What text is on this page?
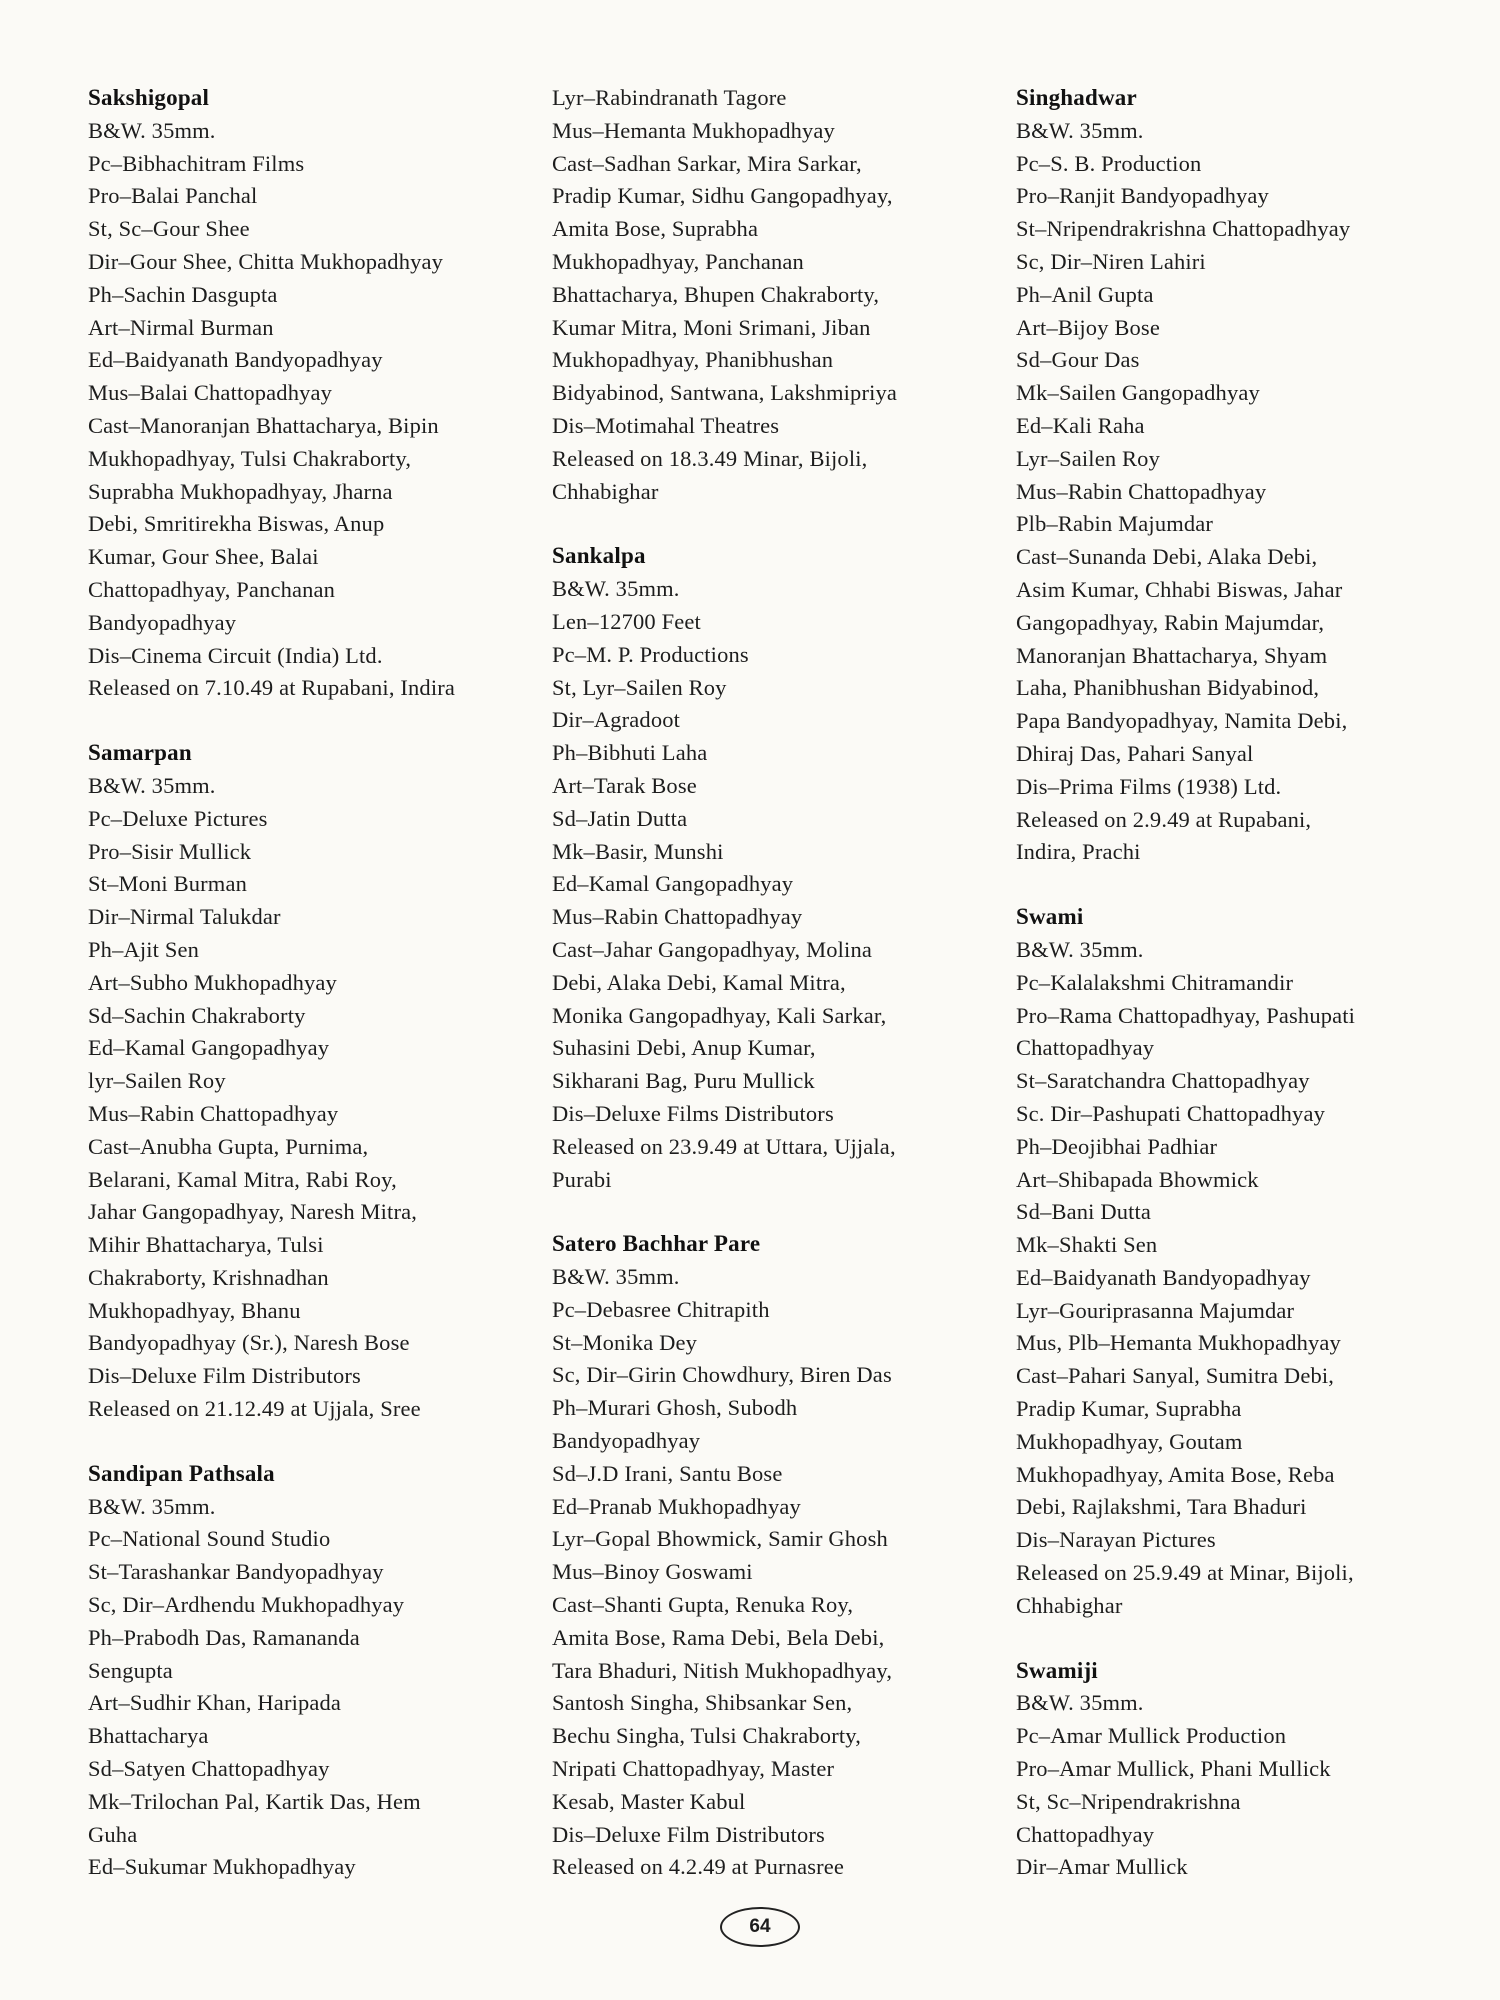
Sakshigopal
B&W. 35mm.
Pc–Bibhachitram Films
Pro–Balai Panchal
St, Sc–Gour Shee
Dir–Gour Shee, Chitta Mukhopadhyay
Ph–Sachin Dasgupta
Art–Nirmal Burman
Ed–Baidyanath Bandyopadhyay
Mus–Balai Chattopadhyay
Cast–Manoranjan Bhattacharya, Bipin
Mukhopadhyay, Tulsi Chakraborty,
Suprabha Mukhopadhyay, Jharna
Debi, Smritirekha Biswas, Anup
Kumar, Gour Shee, Balai
Chattopadhyay, Panchanan
Bandyopadhyay
Dis–Cinema Circuit (India) Ltd.
Released on 7.10.49 at Rupabani, Indira
Samarpan
B&W. 35mm.
Pc–Deluxe Pictures
Pro–Sisir Mullick
St–Moni Burman
Dir–Nirmal Talukdar
Ph–Ajit Sen
Art–Subho Mukhopadhyay
Sd–Sachin Chakraborty
Ed–Kamal Gangopadhyay
lyr–Sailen Roy
Mus–Rabin Chattopadhyay
Cast–Anubha Gupta, Purnima,
Belarani, Kamal Mitra, Rabi Roy,
Jahar Gangopadhyay, Naresh Mitra,
Mihir Bhattacharya, Tulsi
Chakraborty, Krishnadhan
Mukhopadhyay, Bhanu
Bandyopadhyay (Sr.), Naresh Bose
Dis–Deluxe Film Distributors
Released on 21.12.49 at Ujjala, Sree
Sandipan Pathsala
B&W. 35mm.
Pc–National Sound Studio
St–Tarashankar Bandyopadhyay
Sc, Dir–Ardhendu Mukhopadhyay
Ph–Prabodh Das, Ramananda
Sengupta
Art–Sudhir Khan, Haripada
Bhattacharya
Sd–Satyen Chattopadhyay
Mk–Trilochan Pal, Kartik Das, Hem
Guha
Ed–Sukumar Mukhopadhyay
Lyr–Rabindranath Tagore
Mus–Hemanta Mukhopadhyay
Cast–Sadhan Sarkar, Mira Sarkar,
Pradip Kumar, Sidhu Gangopadhyay,
Amita Bose, Suprabha
Mukhopadhyay, Panchanan
Bhattacharya, Bhupen Chakraborty,
Kumar Mitra, Moni Srimani, Jiban
Mukhopadhyay, Phanibhushan
Bidyabinod, Santwana, Lakshmipriya
Dis–Motimahal Theatres
Released on 18.3.49 Minar, Bijoli,
Chhabighar
Sankalpa
B&W. 35mm.
Len–12700 Feet
Pc–M. P. Productions
St, Lyr–Sailen Roy
Dir–Agradoot
Ph–Bibhuti Laha
Art–Tarak Bose
Sd–Jatin Dutta
Mk–Basir, Munshi
Ed–Kamal Gangopadhyay
Mus–Rabin Chattopadhyay
Cast–Jahar Gangopadhyay, Molina
Debi, Alaka Debi, Kamal Mitra,
Monika Gangopadhyay, Kali Sarkar,
Suhasini Debi, Anup Kumar,
Sikharani Bag, Puru Mullick
Dis–Deluxe Films Distributors
Released on 23.9.49 at Uttara, Ujjala,
Purabi
Satero Bachhar Pare
B&W. 35mm.
Pc–Debasree Chitrapith
St–Monika Dey
Sc, Dir–Girin Chowdhury, Biren Das
Ph–Murari Ghosh, Subodh
Bandyopadhyay
Sd–J.D Irani, Santu Bose
Ed–Pranab Mukhopadhyay
Lyr–Gopal Bhowmick, Samir Ghosh
Mus–Binoy Goswami
Cast–Shanti Gupta, Renuka Roy,
Amita Bose, Rama Debi, Bela Debi,
Tara Bhaduri, Nitish Mukhopadhyay,
Santosh Singha, Shibsankar Sen,
Bechu Singha, Tulsi Chakraborty,
Nripati Chattopadhyay, Master
Kesab, Master Kabul
Dis–Deluxe Film Distributors
Released on 4.2.49 at Purnasree
Singhadwar
B&W. 35mm.
Pc–S. B. Production
Pro–Ranjit Bandyopadhyay
St–Nripendrakrishna Chattopadhyay
Sc, Dir–Niren Lahiri
Ph–Anil Gupta
Art–Bijoy Bose
Sd–Gour Das
Mk–Sailen Gangopadhyay
Ed–Kali Raha
Lyr–Sailen Roy
Mus–Rabin Chattopadhyay
Plb–Rabin Majumdar
Cast–Sunanda Debi, Alaka Debi,
Asim Kumar, Chhabi Biswas, Jahar
Gangopadhyay, Rabin Majumdar,
Manoranjan Bhattacharya, Shyam
Laha, Phanibhushan Bidyabinod,
Papa Bandyopadhyay, Namita Debi,
Dhiraj Das, Pahari Sanyal
Dis–Prima Films (1938) Ltd.
Released on 2.9.49 at Rupabani,
Indira, Prachi
Swami
B&W. 35mm.
Pc–Kalalakshmi Chitramandir
Pro–Rama Chattopadhyay, Pashupati
Chattopadhyay
St–Saratchandra Chattopadhyay
Sc. Dir–Pashupati Chattopadhyay
Ph–Deojibhai Padhiar
Art–Shibapada Bhowmick
Sd–Bani Dutta
Mk–Shakti Sen
Ed–Baidyanath Bandyopadhyay
Lyr–Gouriprasanna Majumdar
Mus, Plb–Hemanta Mukhopadhyay
Cast–Pahari Sanyal, Sumitra Debi,
Pradip Kumar, Suprabha
Mukhopadhyay, Goutam
Mukhopadhyay, Amita Bose, Reba
Debi, Rajlakshmi, Tara Bhaduri
Dis–Narayan Pictures
Released on 25.9.49 at Minar, Bijoli,
Chhabighar
Swamiji
B&W. 35mm.
Pc–Amar Mullick Production
Pro–Amar Mullick, Phani Mullick
St, Sc–Nripendrakrishna
Chattopadhyay
Dir–Amar Mullick
64
